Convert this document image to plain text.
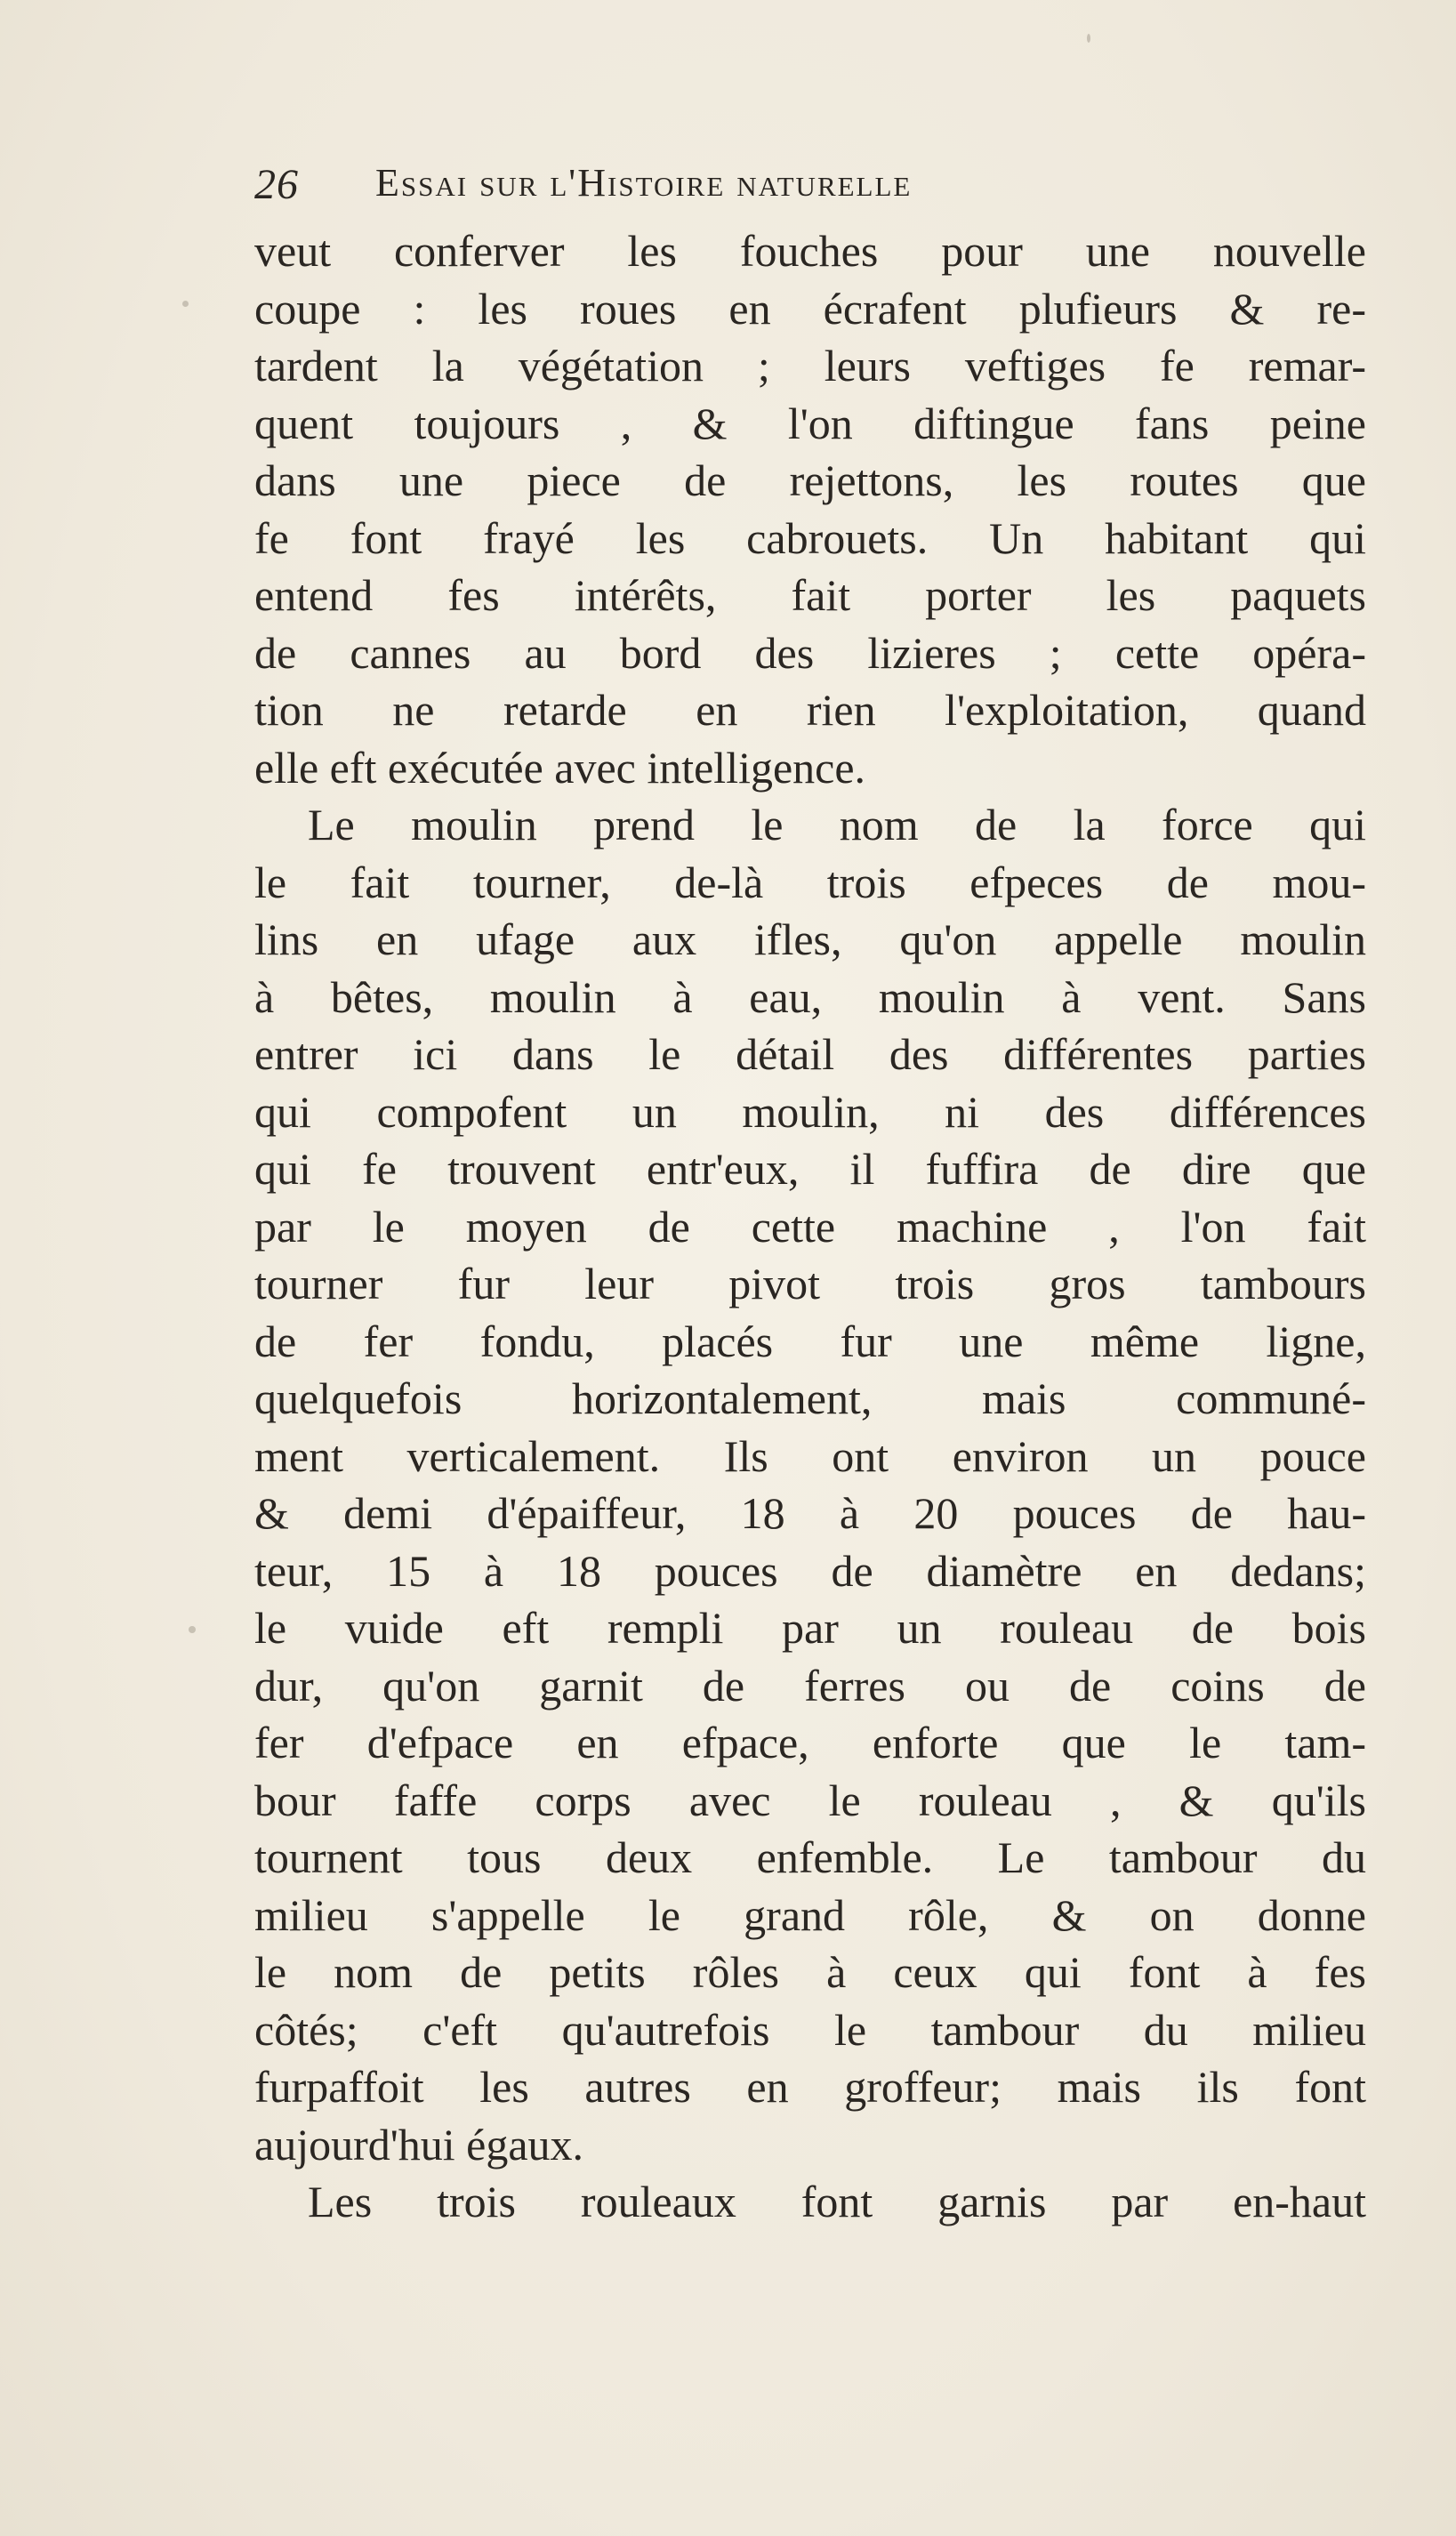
26 Essai sur l'Histoire naturelle
veut conferver les fouches pour une nouvelle
coupe : les roues en écrafent plufieurs & re-
tardent la végétation ; leurs veftiges fe remar-
quent toujours , & l'on diftingue fans peine
dans une piece de rejettons, les routes que
fe font frayé les cabrouets. Un habitant qui
entend fes intérêts, fait porter les paquets
de cannes au bord des lizieres ; cette opéra-
tion ne retarde en rien l'exploitation, quand
elle eft exécutée avec intelligence.
Le moulin prend le nom de la force qui
le fait tourner, de-là trois efpeces de mou-
lins en ufage aux ifles, qu'on appelle moulin
à bêtes, moulin à eau, moulin à vent. Sans
entrer ici dans le détail des différentes parties
qui compofent un moulin, ni des différences
qui fe trouvent entr'eux, il fuffira de dire que
par le moyen de cette machine , l'on fait
tourner fur leur pivot trois gros tambours
de fer fondu, placés fur une même ligne,
quelquefois horizontalement, mais communé-
ment verticalement. Ils ont environ un pouce
& demi d'épaiffeur, 18 à 20 pouces de hau-
teur, 15 à 18 pouces de diamètre en dedans;
le vuide eft rempli par un rouleau de bois
dur, qu'on garnit de ferres ou de coins de
fer d'efpace en efpace, enforte que le tam-
bour faffe corps avec le rouleau , & qu'ils
tournent tous deux enfemble. Le tambour du
milieu s'appelle le grand rôle, & on donne
le nom de petits rôles à ceux qui font à fes
côtés; c'eft qu'autrefois le tambour du milieu
furpaffoit les autres en groffeur; mais ils font
aujourd'hui égaux.
Les trois rouleaux font garnis par en-haut
